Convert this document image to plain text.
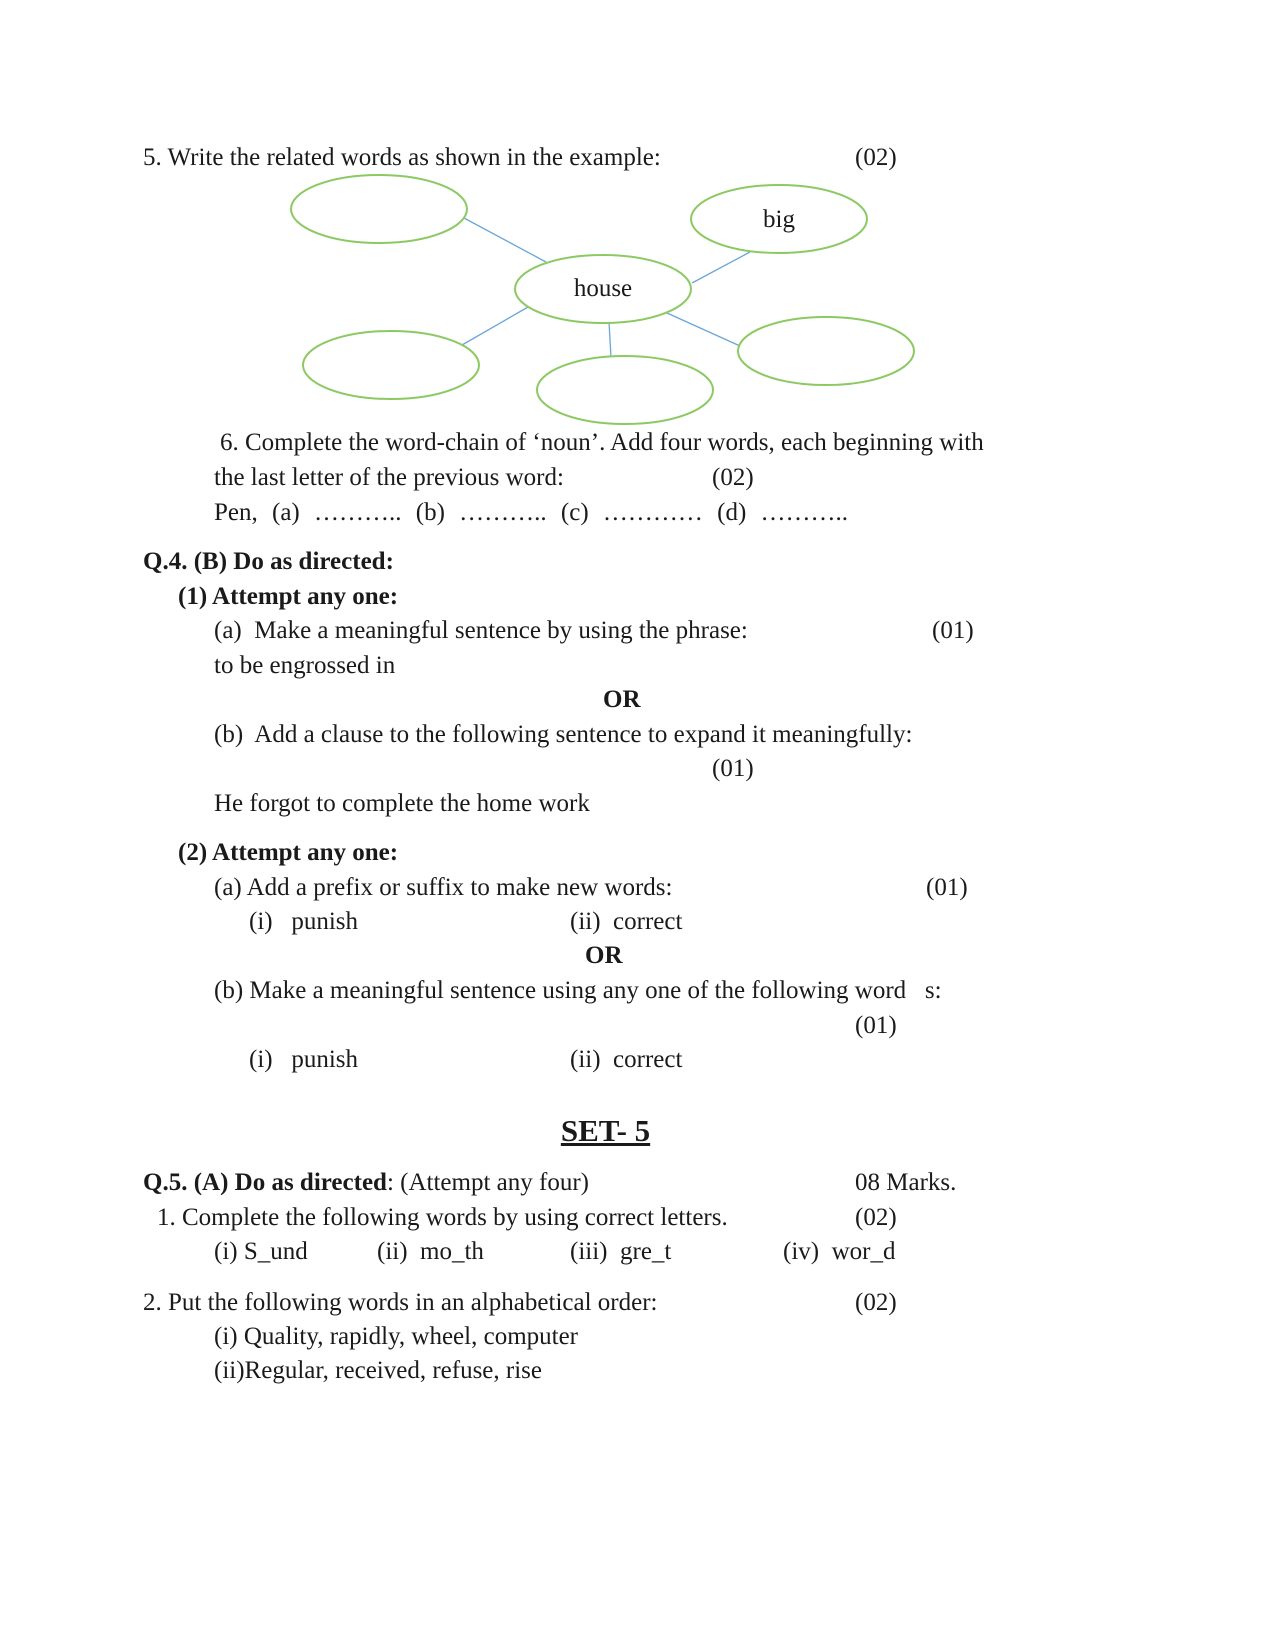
5. Write the related words as shown in the example:	(02)
big
house
6. Complete the word-chain of ‘noun’. Add four words, each beginning with
the last letter of the previous word:	(02)
Pen, (a) ……….. (b) ……….. (c) ………… (d) ………..
Q.4. (B) Do as directed:
(1) Attempt any one:
(a)  Make a meaningful sentence by using the phrase:	(01)
to be engrossed in
OR
(b)  Add a clause to the following sentence to expand it meaningfully:
(01)
He forgot to complete the home work
(2) Attempt any one:
(a) Add a prefix or suffix to make new words:	(01)
(i)   punish	(ii)  correct
OR
(b) Make a meaningful sentence using any one of the following word   s:
(01)
(i)   punish	(ii)  correct
SET- 5
Q.5. (A) Do as directed: (Attempt any four)	08 Marks.
1. Complete the following words by using correct letters.	(02)
(i) S_und	(ii)  mo_th	(iii)  gre_t	(iv)  wor_d
2. Put the following words in an alphabetical order:	(02)
(i) Quality, rapidly, wheel, computer
(ii)Regular, received, refuse, rise
